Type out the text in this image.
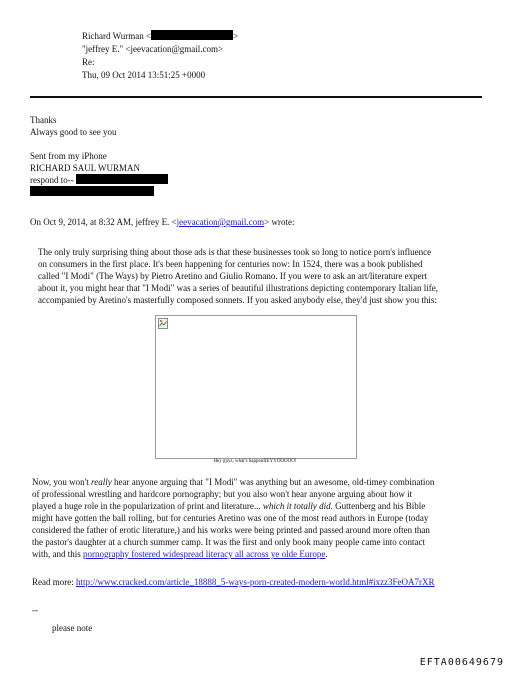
Richard Wurman <	>
"jeffrey E." <jeevacation@gmail.com>
Re:
Thu, 09 Oct 2014 13:51:25 +0000
Thanks
Always good to see you
Sent from my iPhone
RICHARD SAUL WURMAN
respond to--
On Oct 9, 2014, at 8:32 AM, jeffrey E. <jeevacation@gmail.com> wrote:
The only truly surprising thing about those ads is that these businesses took so long to notice porn's influence
on consumers in the first place. It's been happening for centuries now: In 1524, there was a book published
called "I Modi" (The Ways) by Pietro Aretino and Giulio Romano. If you were to ask an art/literature expert
about it, you might hear that "I Modi" was a series of beautiful illustrations depicting contemporary Italian life,
accompanied by Aretino's masterfully composed sonnets. If you asked anybody else, they'd just show you this:
Hey guys, what's happenIIEYYOOOOO!
Now, you won't really hear anyone arguing that "I Modi" was anything but an awesome, old-timey combination
of professional wrestling and hardcore pornography; but you also won't hear anyone arguing about how it
played a huge role in the popularization of print and literature... which it totally did. Guttenberg and his Bible
might have gotten the ball rolling, but for centuries Aretino was one of the most read authors in Europe (today
considered the father of erotic literature,) and his works were being printed and passed around more often than
the pastor's daughter at a church summer camp. It was the first and only book many people came into contact
with, and this pornography fostered widespread literacy all across ye olde Europe.
Read more: http://www.cracked.com/article_18888_5-ways-porn-created-modern-world.html#ixzz3FeOA7rXR
--
please note
EFTA00649679
